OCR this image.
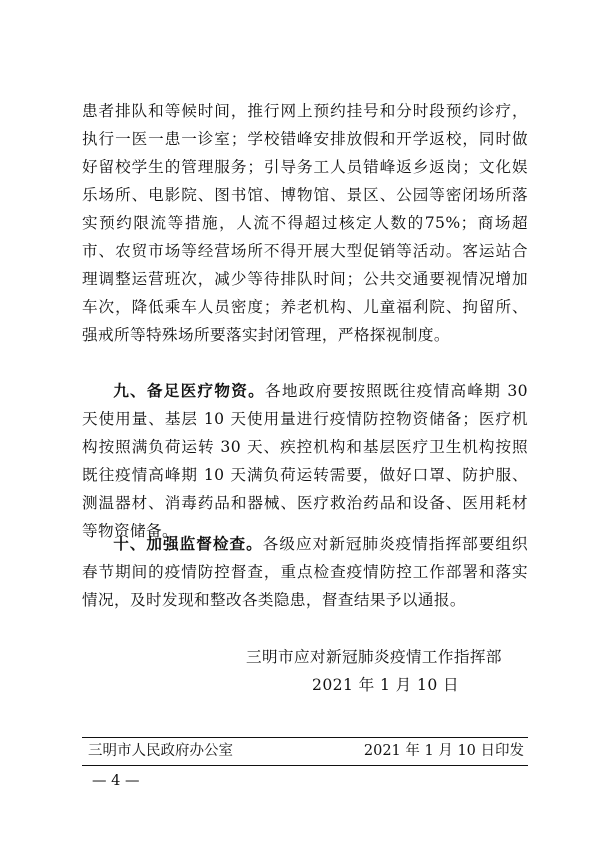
患者排队和等候时间，推行网上预约挂号和分时段预约诊疗，执行一医一患一诊室；学校错峰安排放假和开学返校，同时做好留校学生的管理服务；引导务工人员错峰返乡返岗；文化娱乐场所、电影院、图书馆、博物馆、景区、公园等密闭场所落实预约限流等措施，人流不得超过核定人数的75%；商场超市、农贸市场等经营场所不得开展大型促销等活动。客运站合理调整运营班次，减少等待排队时间；公共交通要视情况增加车次，降低乘车人员密度；养老机构、儿童福利院、拘留所、强戒所等特殊场所要落实封闭管理，严格探视制度。

九、备足医疗物资。各地政府要按照既往疫情高峰期 30 天使用量、基层 10 天使用量进行疫情防控物资储备；医疗机构按照满负荷运转 30 天、疾控机构和基层医疗卫生机构按照既往疫情高峰期 10 天满负荷运转需要，做好口罩、防护服、测温器材、消毒药品和器械、医疗救治药品和设备、医用耗材等物资储备。

十、加强监督检查。各级应对新冠肺炎疫情指挥部要组织春节期间的疫情防控督查，重点检查疫情防控工作部署和落实情况，及时发现和整改各类隐患，督查结果予以通报。

三明市应对新冠肺炎疫情工作指挥部

2021 年 1 月 10 日

三明市人民政府办公室	2021 年 1 月 10 日印发
— 4 —
